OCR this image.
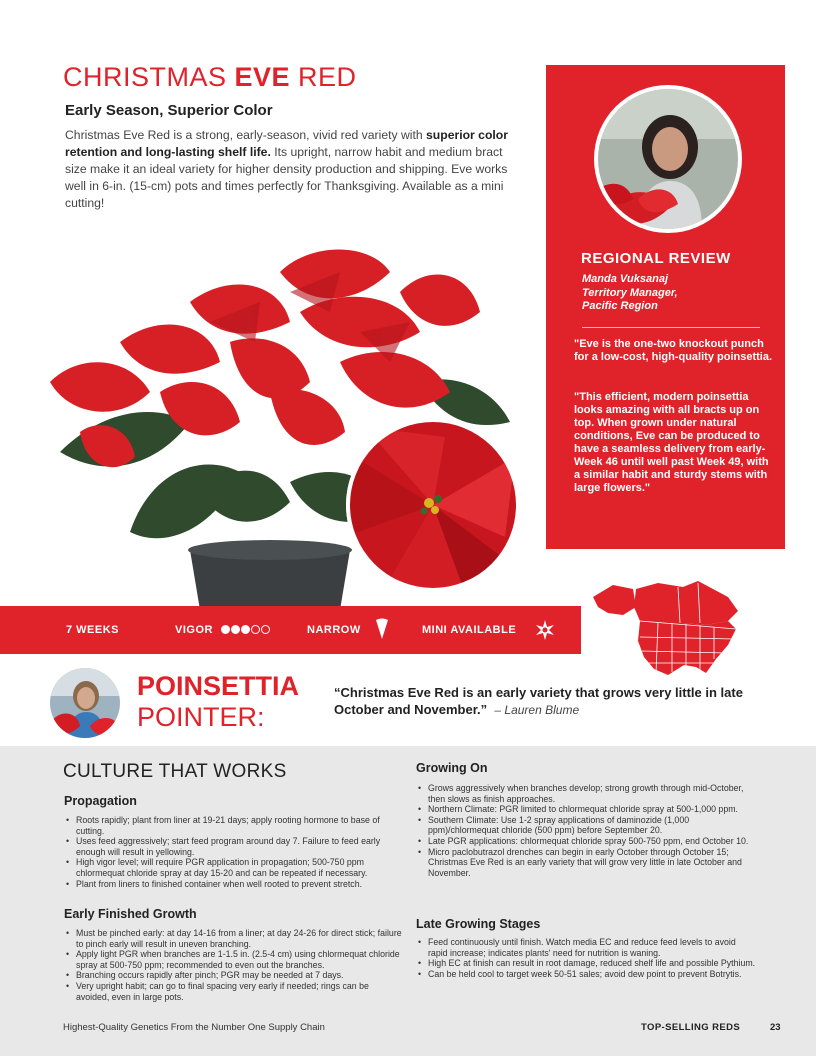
CHRISTMAS EVE RED
Early Season, Superior Color
Christmas Eve Red is a strong, early-season, vivid red variety with superior color retention and long-lasting shelf life. Its upright, narrow habit and medium bract size make it an ideal variety for higher density production and shipping. Eve works well in 6-in. (15-cm) pots and times perfectly for Thanksgiving. Available as a mini cutting!
REGIONAL REVIEW
Manda Vuksanaj
Territory Manager,
Pacific Region
"Eve is the one-two knockout punch for a low-cost, high-quality poinsettia.
"This efficient, modern poinsettia looks amazing with all bracts up on top. When grown under natural conditions, Eve can be produced to have a seamless delivery from early-Week 46 until well past Week 49, with a similar habit and sturdy stems with large flowers."
7 WEEKS	VIGOR	NARROW	MINI AVAILABLE
POINSETTIA
POINTER:
“Christmas Eve Red is an early variety that grows very little in late October and November.” – Lauren Blume
CULTURE THAT WORKS
Propagation
• Roots rapidly; plant from liner at 19-21 days; apply rooting hormone to base of cutting.
• Uses feed aggressively; start feed program around day 7. Failure to feed early enough will result in yellowing.
• High vigor level; will require PGR application in propagation; 500-750 ppm chlormequat chloride spray at day 15-20 and can be repeated if necessary.
• Plant from liners to finished container when well rooted to prevent stretch.
Early Finished Growth
• Must be pinched early: at day 14-16 from a liner; at day 24-26 for direct stick; failure to pinch early will result in uneven branching.
• Apply light PGR when branches are 1-1.5 in. (2.5-4 cm) using chlormequat chloride spray at 500-750 ppm; recommended to even out the branches.
• Branching occurs rapidly after pinch; PGR may be needed at 7 days.
• Very upright habit; can go to final spacing very early if needed; rings can be avoided, even in large pots.
Growing On
• Grows aggressively when branches develop; strong growth through mid-October, then slows as finish approaches.
• Northern Climate: PGR limited to chlormequat chloride spray at 500-1,000 ppm.
• Southern Climate: Use 1-2 spray applications of daminozide (1,000 ppm)/chlormequat chloride (500 ppm) before September 20.
• Late PGR applications: chlormequat chloride spray 500-750 ppm, end October 10.
• Micro paclobutrazol drenches can begin in early October through October 15; Christmas Eve Red is an early variety that will grow very little in late October and November.
Late Growing Stages
• Feed continuously until finish. Watch media EC and reduce feed levels to avoid rapid increase; indicates plants' need for nutrition is waning.
• High EC at finish can result in root damage, reduced shelf life and possible Pythium.
• Can be held cool to target week 50-51 sales; avoid dew point to prevent Botrytis.
Highest-Quality Genetics From the Number One Supply Chain	TOP-SELLING REDS	23
